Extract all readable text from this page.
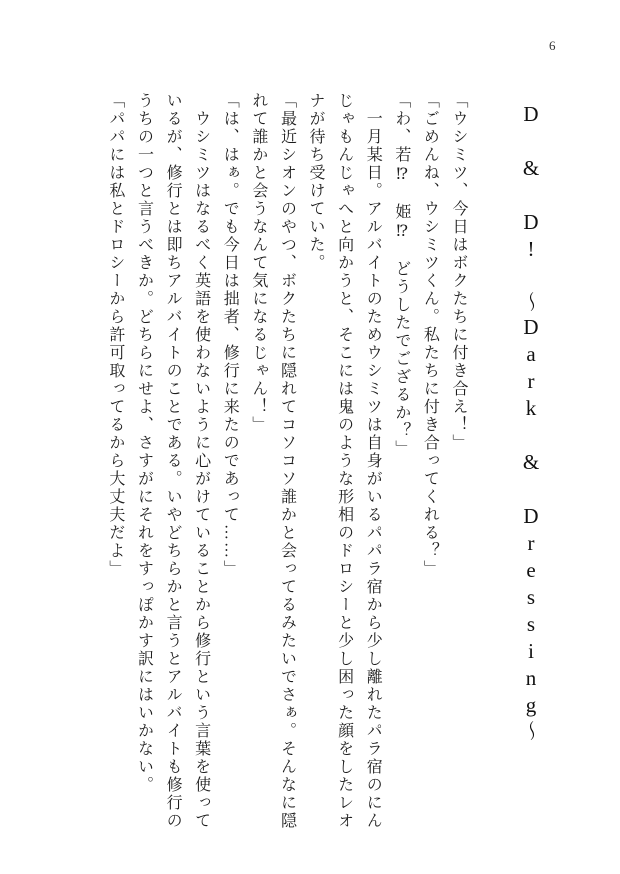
6
D & D! 〜Dark & Dressing〜

「ウシミツ、今日はボクたちに付き合え！」

「ごめんね、ウシミツくん。私たちに付き合ってくれる？」

「わ、若⁉　姫⁉　どうしたでござるか？」

　一月某日。アルバイトのためウシミツは自身がいるパパラ宿から少し離れたパラ宿のにん

じゃもんじゃへと向かうと、そこには鬼のような形相のドロシーと少し困った顔をしたレオ

ナが待ち受けていた。

「最近シオンのやつ、ボクたちに隠れてコソコソ誰かと会ってるみたいでさぁ。そんなに隠

れて誰かと会うなんて気になるじゃん！」

「は、はぁ。でも今日は拙者、修行に来たのであって……」

　ウシミツはなるべく英語を使わないように心がけていることから修行という言葉を使って

いるが、修行とは即ちアルバイトのことである。いやどちらかと言うとアルバイトも修行の

うちの一つと言うべきか。どちらにせよ、さすがにそれをすっぽかす訳にはいかない。

「パパには私とドロシーから許可取ってるから大丈夫だよ」
